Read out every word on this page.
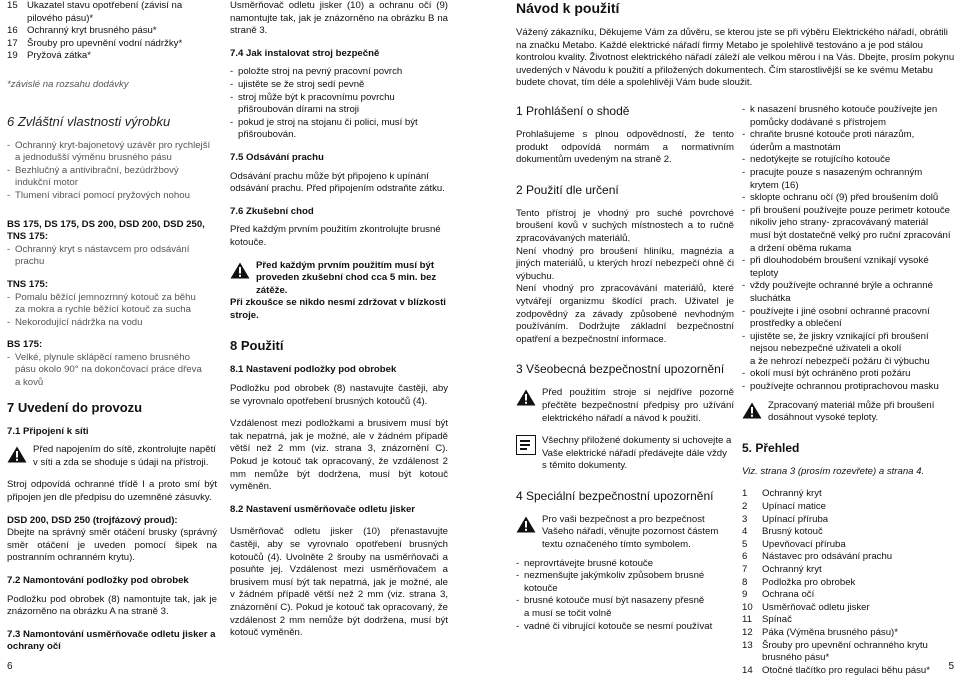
15 Ukazatel stavu opotřebení (závisí na
pilového pásu)*
16 Ochranný kryt brusného pásu*
17 Šrouby pro upevnění vodní nádržky*
19 Pryžová zátka*

*závislé na rozsahu dodávky

6 Zvláštní vlastnosti výrobku

- Ochranný kryt-bajonetový uzávěr pro rychlejší
a jednodušší výměnu brusného pásu
- Bezhlučný a antivibrační, bezúdržbový
indukční motor
- Tlumení vibrací pomocí pryžových nohou

BS 175, DS 175, DS 200, DSD 200, DSD 250, TNS 175:

- Ochranný kryt s nástavcem pro odsávání
prachu

TNS 175:

- Pomalu běžící jemnozrnný kotouč za běhu
za mokra a rychle běžící kotouč za sucha
- Nekorodující nádržka na vodu

BS 175:

- Velké, plynule sklápěcí rameno brusného
pásu okolo 90° na dokončovací práce dřeva
a kovů

7 Uvedení do provozu

7.1 Připojení k síti

Před napojením do sítě, zkontrolujte napětí

v síti a zda se shoduje s údaji na přístroji.

Stroj odpovídá ochranné třídě I a proto smí být připojen jen dle předpisu do uzemněné zásuvky.

DSD 200, DSD 250 (trojfázový proud):

Dbejte na správný směr otáčení brusky (správný směr otáčení je uveden pomocí šipek na postranním ochranném krytu).

7.2 Namontování podložky pod obrobek

Podložku pod obrobek (8) namontujte tak, jak je znázorněno na obrázku A na straně 3.

7.3 Namontování usměrňovače odletu jisker a ochrany očí

Usměrňovač odletu jisker (10) a ochranu očí (9) namontujte tak, jak je znázorněno na obrázku B na straně 3.

7.4 Jak instalovat stroj bezpečně

- položte stroj na pevný pracovní povrch
- ujistěte se že stroj sedí pevně
- stroj může být k pracovnímu povrchu
přišroubován dírami na stroji
- pokud je stroj na stojanu či polici, musí být
přišroubován.

7.5 Odsávání prachu

Odsávání prachu může být připojeno k upínání odsávání prachu. Před připojením odstraňte zátku.

7.6 Zkušební chod

Před každým prvním použitím zkontrolujte brusné kotouče.

Před každým prvním použitím musí být proveden zkušební chod cca 5 min. bez zátěže.

Při zkoušce se nikdo nesmí zdržovat v blízkosti stroje.

8 Použití

8.1 Nastavení podložky pod obrobek

Podložku pod obrobek (8) nastavujte častěji, aby se vyrovnalo opotřebení brusných kotoučů (4).

Vzdálenost mezi podložkami a brusivem musí být tak nepatrná, jak je možné, ale v žádném případě větší než 2 mm (viz. strana 3, znázornění C). Pokud je kotouč tak opracovaný, že vzdálenost 2 mm nemůže být dodržena, musí být kotouč vyměněn.

8.2 Nastavení usměrňovače odletu jisker

Usměrňovač odletu jisker (10) přenastavujte častěji, aby se vyrovnalo opotřebení brusných kotoučů (4). Uvolněte 2 šrouby na usměrňovači a posuňte jej. Vzdálenost mezi usměrňovačem a brusivem musí být tak nepatrná, jak je možné, ale v žádném případě větší než 2 mm (viz. strana 3, znázornění C). Pokud je kotouč tak opracovaný, že vzdálenost 2 mm nemůže být dodržena, musí být kotouč vyměněn.

Návod k použití

Vážený zákazníku, Děkujeme Vám za důvěru, se kterou jste se při výběru Elektrického nářadí, obrátili na značku Metabo. Každé elektrické nářadí firmy Metabo je spolehlivě testováno a je pod stálou kontrolou kvality. Životnost elektrického nářadí záleží ale velkou měrou i na Vás. Dbejte, prosím pokynu uvedených v Návodu k použití a přiložených dokumentech. Čím starostlivější se ke svému Metabu budete chovat, tím déle a spolehlivěji Vám bude sloužit.

1 Prohlášení o shodě

Prohlašujeme s plnou odpovědností, že tento produkt odpovídá normám a normativním dokumentům uvedeným na straně 2.

2 Použití dle určení

Tento přístroj je vhodný pro suché povrchové broušení kovů v suchých místnostech a to ručně zpracovávaných materiálů.

Není vhodný pro broušení hliníku, magnézia a jiných materiálů, u kterých hrozí nebezpečí ohně či výbuchu.

Není vhodný pro zpracovávání materiálů, které vytvářejí organizmu škodící prach. Uživatel je zodpovědný za závady způsobené nevhodným používáním. Dodržujte základní bezpečnostní opatření a bezpečnostní informace.

3 Všeobecná bezpečnostní upozornění

Před použitím stroje si nejdříve pozorně přečtěte bezpečnostní předpisy pro užívání elektrického nářadí a návod k použití.

Všechny přiložené dokumenty si uchovejte a Vaše elektrické nářadí předávejte dále vždy s těmito dokumenty.

4 Speciální bezpečnostní upozornění

Pro vaši bezpečnost a pro bezpečnost Vašeho nářadí, věnujte pozornost částem textu označeného tímto symbolem.

- neprovrtávejte brusné kotouče
- nezmenšujte jakýmkoliv způsobem brusné
kotouče
- brusné kotouče musí být nasazeny přesně
a musí se točit volně
- vadné či vibrující kotouče se nesmí používat
- k nasazení brusného kotouče používejte jen
pomůcky dodávané s přístrojem
- chraňte brusné kotouče proti nárazům,
úderům a mastnotám
- nedotýkejte se rotujícího kotouče
- pracujte pouze s nasazeným ochranným
krytem (16)
- sklopte ochranu očí (9) před broušením dolů
- při broušení používejte pouze perimetr kotouče
nikoliv jeho strany- zpracovávaný materiál
musí být dostatečně velký pro ruční zpracování
a držení oběma rukama
- při dlouhodobém broušení vznikají vysoké
teploty
- vždy používejte ochranné brýle a ochranné
sluchátka
- používejte i jiné osobní ochranné pracovní
prostředky a oblečení
- ujistěte se, že jiskry vznikající při broušení
nejsou nebezpečné uživateli a okolí
a že nehrozí nebezpečí požáru či výbuchu
- okolí musí být ochráněno proti požáru
- používejte ochrannou protiprachovou masku

Zpracovaný materiál může při broušení dosáhnout vysoké teploty.

5. Přehled

Viz. strana 3 (prosím rozevřete) a strana 4.

1	Ochranný kryt
2	Upínací matice
3	Upínací příruba
4	Brusný kotouč
5	Upevňovací příruba
6	Nástavec pro odsávání prachu
7	Ochranný kryt
8	Podložka pro obrobek
9	Ochrana očí
10 Usměrňovač odletu jisker
11	Spínač
12 Páka (Výměna brusného pásu)*
13 Šrouby pro upevnění ochranného krytu
brusného pásu*
14 Otočné tlačítko pro regulaci běhu pásu*
6	5
